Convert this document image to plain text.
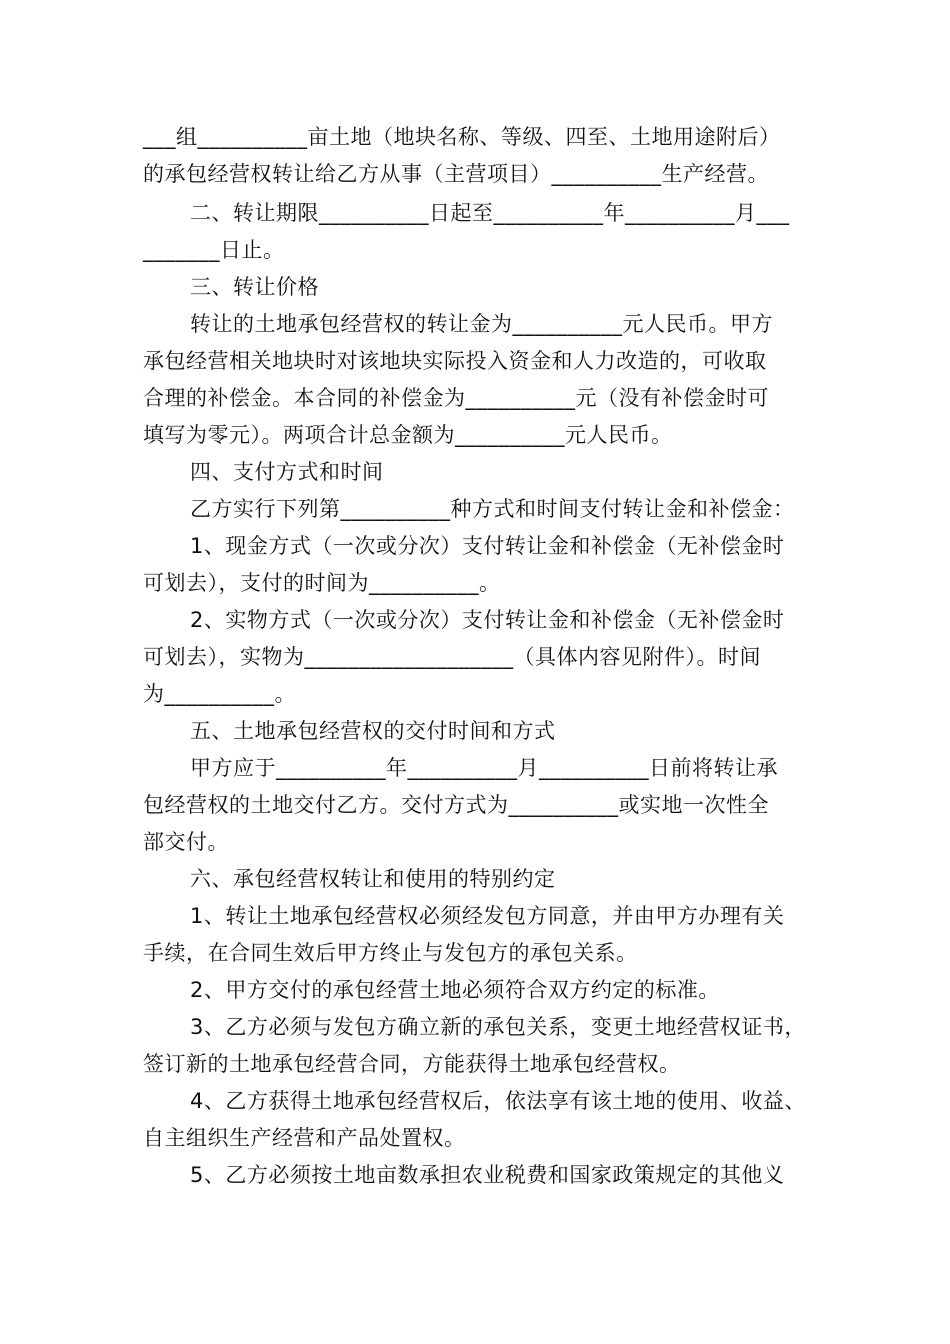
___组__________亩土地（地块名称、等级、四至、土地用途附后）
的承包经营权转让给乙方从事（主营项目）__________生产经营。
二、转让期限__________日起至__________年__________月___
_______日止。
三、转让价格
转让的土地承包经营权的转让金为__________元人民币。甲方
承包经营相关地块时对该地块实际投入资金和人力改造的，可收取
合理的补偿金。本合同的补偿金为__________元（没有补偿金时可
填写为零元）。两项合计总金额为__________元人民币。
四、支付方式和时间
乙方实行下列第__________种方式和时间支付转让金和补偿金：
1、现金方式（一次或分次）支付转让金和补偿金（无补偿金时
可划去），支付的时间为__________。
2、实物方式（一次或分次）支付转让金和补偿金（无补偿金时
可划去），实物为___________________（具体内容见附件）。时间
为__________。
五、土地承包经营权的交付时间和方式
甲方应于__________年__________月__________日前将转让承
包经营权的土地交付乙方。交付方式为__________或实地一次性全
部交付。
六、承包经营权转让和使用的特别约定
1、转让土地承包经营权必须经发包方同意，并由甲方办理有关
手续，在合同生效后甲方终止与发包方的承包关系。
2、甲方交付的承包经营土地必须符合双方约定的标准。
3、乙方必须与发包方确立新的承包关系，变更土地经营权证书，
签订新的土地承包经营合同，方能获得土地承包经营权。
4、乙方获得土地承包经营权后，依法享有该土地的使用、收益、
自主组织生产经营和产品处置权。
5、乙方必须按土地亩数承担农业税费和国家政策规定的其他义
